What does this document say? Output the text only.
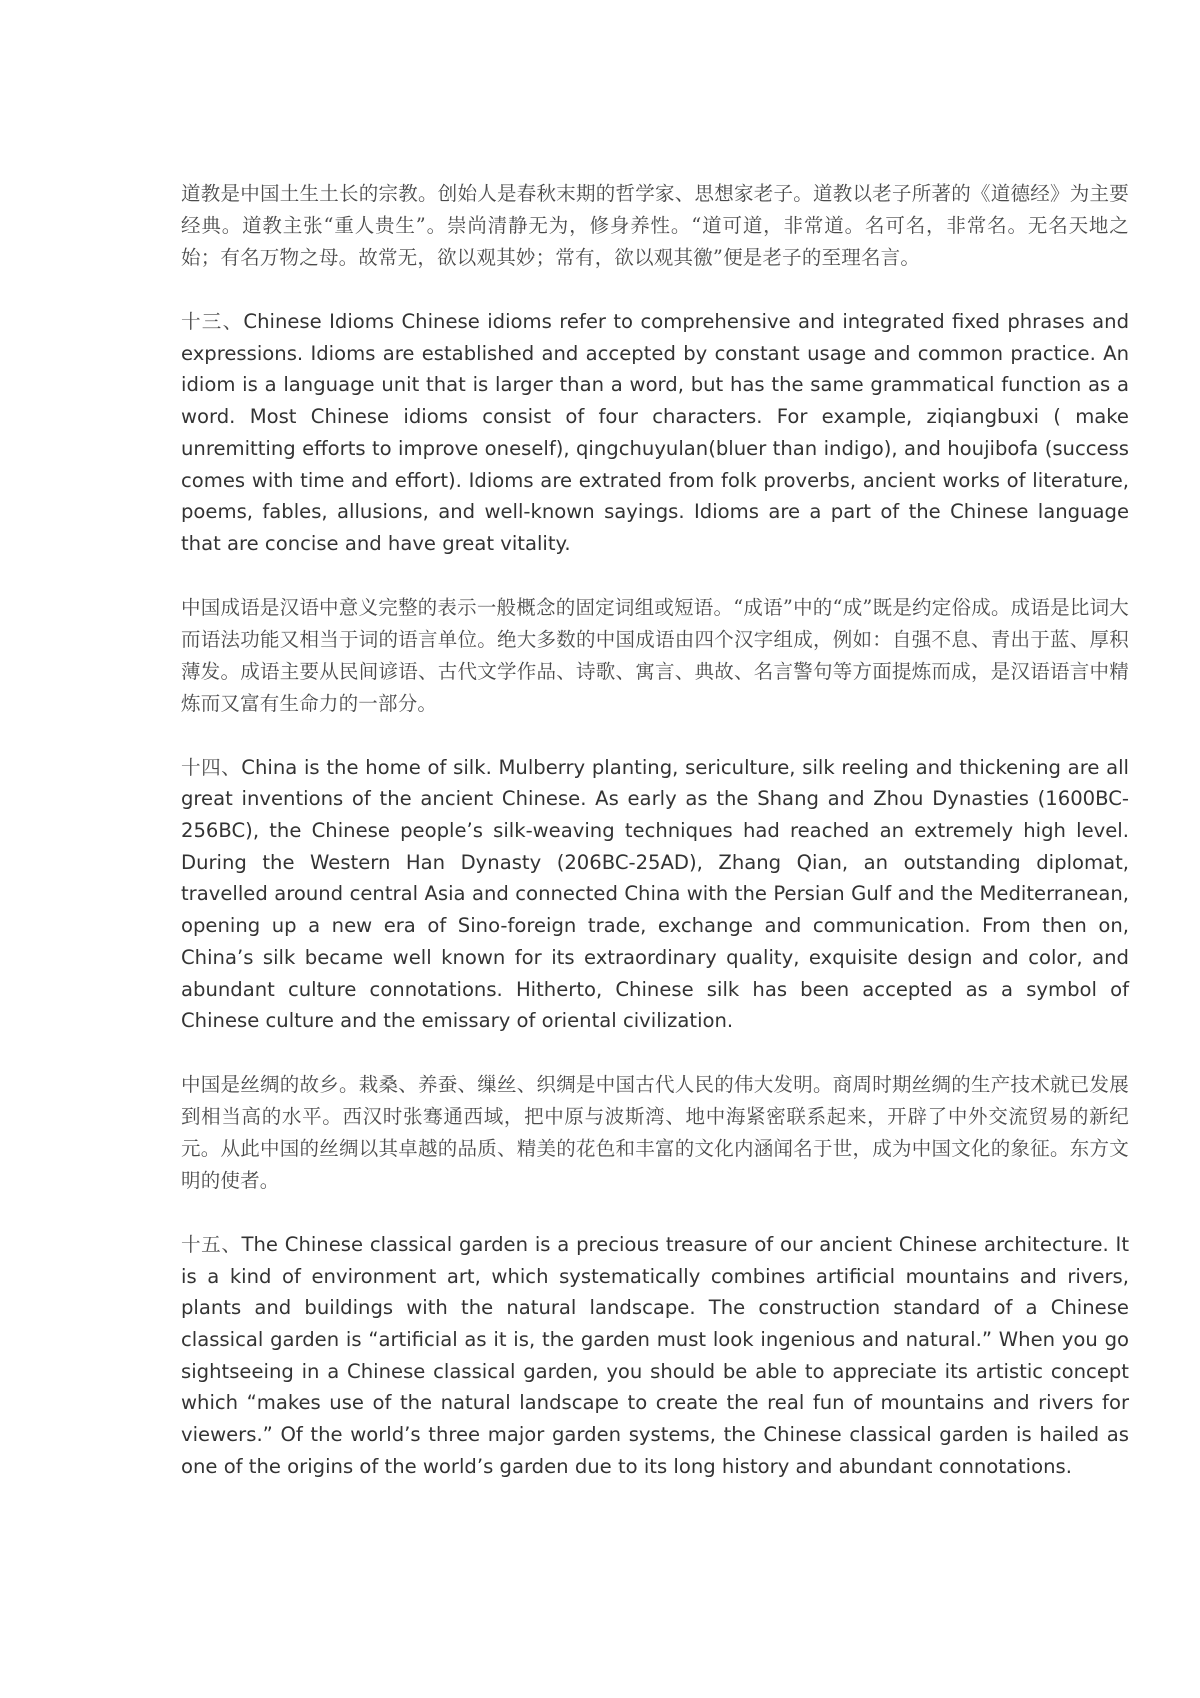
道教是中国土生土长的宗教。创始人是春秋末期的哲学家、思想家老子。道教以老子所著的《道德经》为主要经典。道教主张“重人贵生”。崇尚清静无为，修身养性。“道可道，非常道。名可名，非常名。无名天地之始；有名万物之母。故常无，欲以观其妙；常有，欲以观其徼”便是老子的至理名言。

十三、Chinese Idioms Chinese idioms refer to comprehensive and integrated fixed phrases and expressions. Idioms are established and accepted by constant usage and common practice. An idiom is a language unit that is larger than a word, but has the same grammatical function as a word. Most Chinese idioms consist of four characters. For example, ziqiangbuxi ( make unremitting efforts to improve oneself), qingchuyulan(bluer than indigo), and houjibofa (success comes with time and effort). Idioms are extrated from folk proverbs, ancient works of literature, poems, fables, allusions, and well-known sayings. Idioms are a part of the Chinese language that are concise and have great vitality.

中国成语是汉语中意义完整的表示一般概念的固定词组或短语。“成语”中的“成”既是约定俗成。成语是比词大而语法功能又相当于词的语言单位。绝大多数的中国成语由四个汉字组成，例如：自强不息、青出于蓝、厚积薄发。成语主要从民间谚语、古代文学作品、诗歌、寓言、典故、名言警句等方面提炼而成，是汉语语言中精炼而又富有生命力的一部分。

十四、China is the home of silk. Mulberry planting, sericulture, silk reeling and thickening are all great inventions of the ancient Chinese. As early as the Shang and Zhou Dynasties (1600BC-256BC), the Chinese people’s silk-weaving techniques had reached an extremely high level. During the Western Han Dynasty (206BC-25AD), Zhang Qian, an outstanding diplomat, travelled around central Asia and connected China with the Persian Gulf and the Mediterranean, opening up a new era of Sino-foreign trade, exchange and communication. From then on, China’s silk became well known for its extraordinary quality, exquisite design and color, and abundant culture connotations. Hitherto, Chinese silk has been accepted as a symbol of Chinese culture and the emissary of oriental civilization.

中国是丝绸的故乡。栽桑、养蚕、缫丝、织绸是中国古代人民的伟大发明。商周时期丝绸的生产技术就已发展到相当高的水平。西汉时张骞通西域，把中原与波斯湾、地中海紧密联系起来，开辟了中外交流贸易的新纪元。从此中国的丝绸以其卓越的品质、精美的花色和丰富的文化内涵闻名于世，成为中国文化的象征。东方文明的使者。

十五、The Chinese classical garden is a precious treasure of our ancient Chinese architecture. It is a kind of environment art, which systematically combines artificial mountains and rivers, plants and buildings with the natural landscape. The construction standard of a Chinese classical garden is “artificial as it is, the garden must look ingenious and natural.” When you go sightseeing in a Chinese classical garden, you should be able to appreciate its artistic concept which “makes use of the natural landscape to create the real fun of mountains and rivers for viewers.” Of the world’s three major garden systems, the Chinese classical garden is hailed as one of the origins of the world’s garden due to its long history and abundant connotations.
